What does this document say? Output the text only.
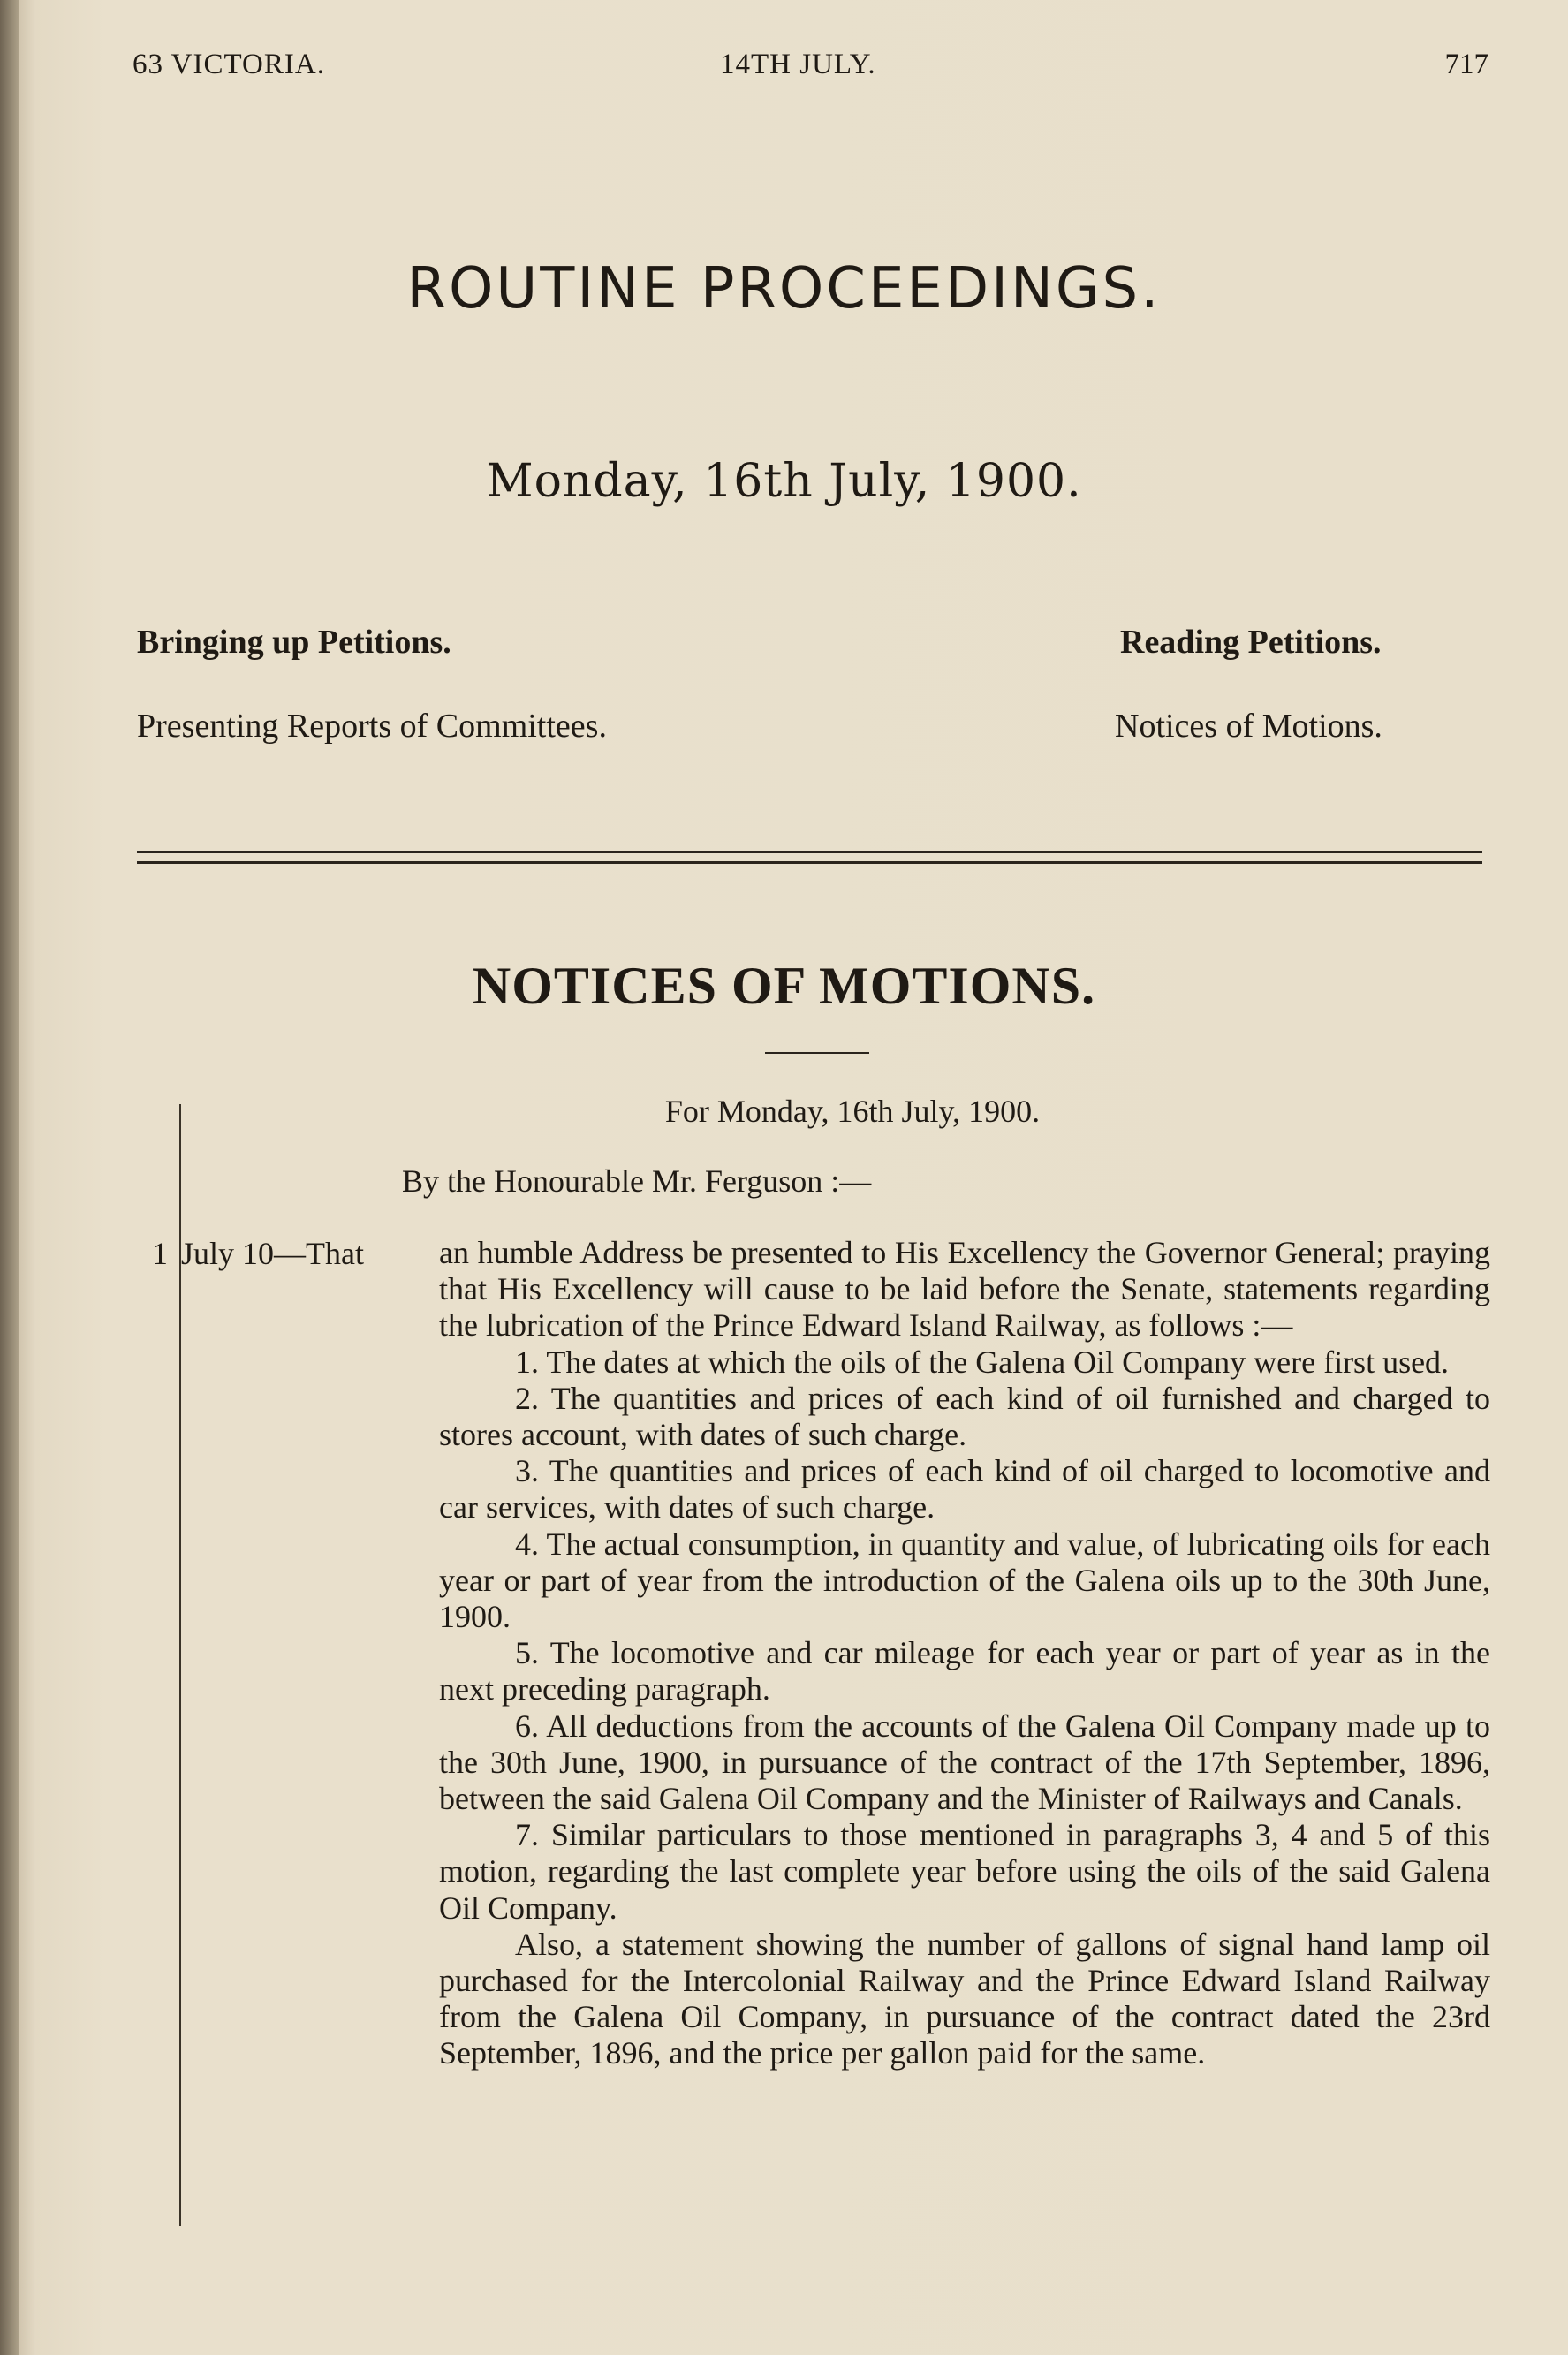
63 VICTORIA.	14TH JULY.	717
ROUTINE PROCEEDINGS.
Monday, 16th July, 1900.
Bringing up Petitions.	Reading Petitions.
Presenting Reports of Committees.	Notices of Motions.
NOTICES OF MOTIONS.
For Monday, 16th July, 1900.
By the Honourable Mr. Ferguson :—
1 July 10—That an humble Address be presented to His Excellency the Governor General; praying that His Excellency will cause to be laid before the Senate, statements regarding the lubrication of the Prince Edward Island Railway, as follows :—

1. The dates at which the oils of the Galena Oil Company were first used.

2. The quantities and prices of each kind of oil furnished and charged to stores account, with dates of such charge.

3. The quantities and prices of each kind of oil charged to locomotive and car services, with dates of such charge.

4. The actual consumption, in quantity and value, of lubricating oils for each year or part of year from the introduction of the Galena oils up to the 30th June, 1900.

5. The locomotive and car mileage for each year or part of year as in the next preceding paragraph.

6. All deductions from the accounts of the Galena Oil Company made up to the 30th June, 1900, in pursuance of the contract of the 17th September, 1896, between the said Galena Oil Company and the Minister of Railways and Canals.

7. Similar particulars to those mentioned in paragraphs 3, 4 and 5 of this motion, regarding the last complete year before using the oils of the said Galena Oil Company.

Also, a statement showing the number of gallons of signal hand lamp oil purchased for the Intercolonial Railway and the Prince Edward Island Railway from the Galena Oil Company, in pursuance of the contract dated the 23rd September, 1896, and the price per gallon paid for the same.
